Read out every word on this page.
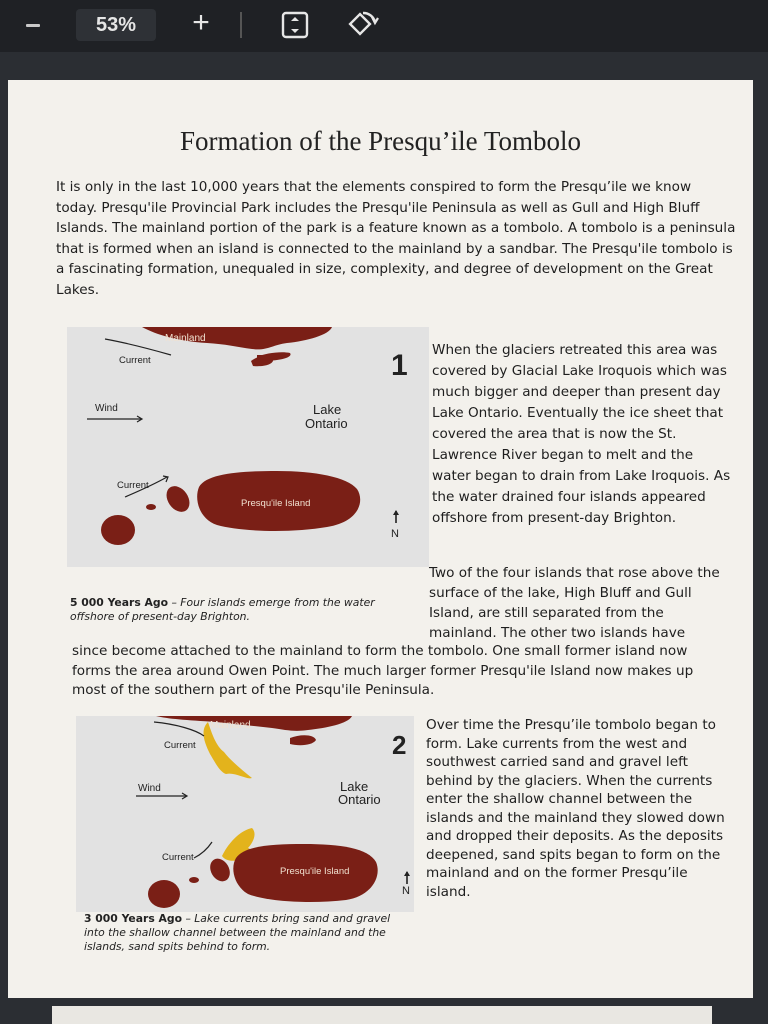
53%	+
Formation of the Presqu’ile Tombolo
It is only in the last 10,000 years that the elements conspired to form the Presqu’ile we know today. Presqu'ile Provincial Park includes the Presqu'ile Peninsula as well as Gull and High Bluff Islands. The mainland portion of the park is a feature known as a tombolo. A tombolo is a peninsula that is formed when an island is connected to the mainland by a sandbar. The Presqu'ile tombolo is a fascinating formation, unequaled in size, complexity, and degree of development on the Great Lakes.
Mainland
Current
Wind	Lake
Ontario
Current
Presqu'ile Island
1
N
When the glaciers retreated this area was covered by Glacial Lake Iroquois which was much bigger and deeper than present day Lake Ontario. Eventually the ice sheet that covered the area that is now the St. Lawrence River began to melt and the water began to drain from Lake Iroquois. As the water drained four islands appeared offshore from present-day Brighton.
5 000 Years Ago – Four islands emerge from the water offshore of present-day Brighton.
Two of the four islands that rose above the surface of the lake, High Bluff and Gull Island, are still separated from the mainland. The other two islands have
since become attached to the mainland to form the tombolo. One small former island now forms the area around Owen Point. The much larger former Presqu'ile Island now makes up most of the southern part of the Presqu'ile Peninsula.
Mainland
Current
Wind	Lake
Ontario
Current
Presqu'ile Island
2
N
Over time the Presqu’ile tombolo began to form. Lake currents from the west and southwest carried sand and gravel left behind by the glaciers. When the currents enter the shallow channel between the islands and the mainland they slowed down and dropped their deposits. As the deposits deepened, sand spits began to form on the mainland and on the former Presqu’ile island.
3 000 Years Ago – Lake currents bring sand and gravel into the shallow channel between the mainland and the islands, sand spits behind to form.
